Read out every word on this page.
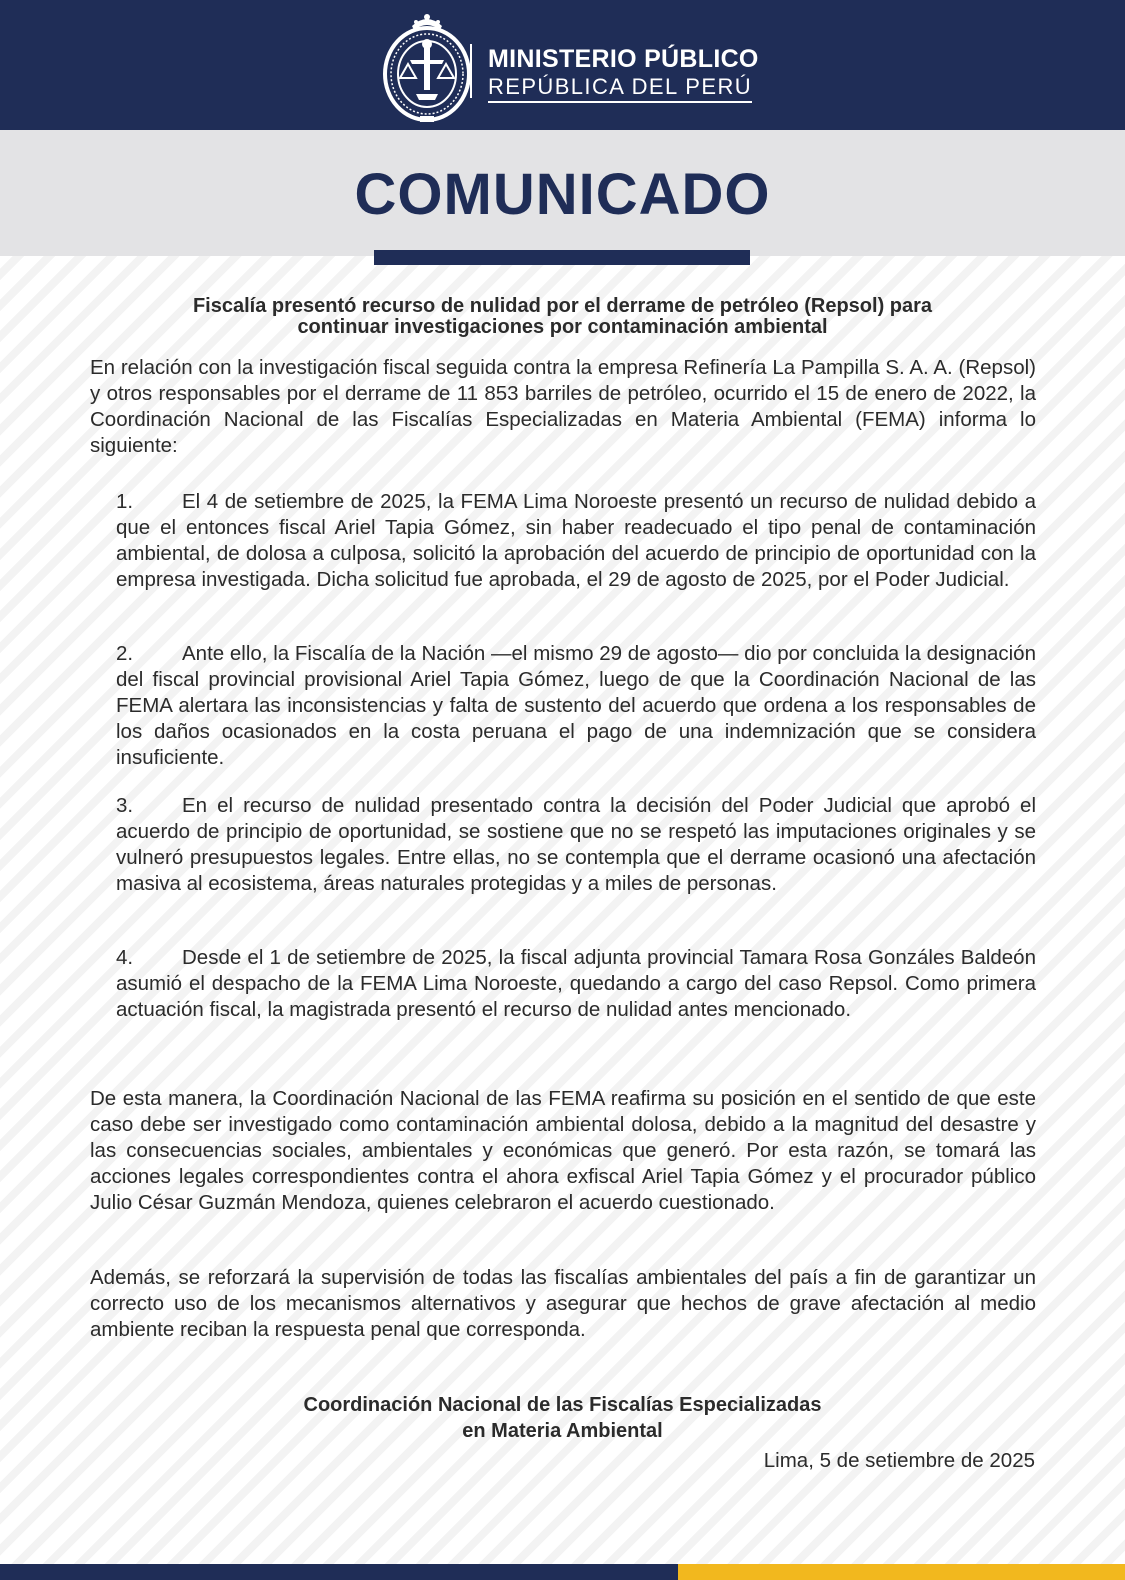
MINISTERIO PÚBLICO
REPÚBLICA DEL PERÚ
COMUNICADO
Fiscalía presentó recurso de nulidad por el derrame de petróleo (Repsol) para
continuar investigaciones por contaminación ambiental
En relación con la investigación fiscal seguida contra la empresa Refinería La Pampilla S. A. A. (Repsol) y otros responsables por el derrame de 11 853 barriles de petróleo, ocurrido el 15 de enero de 2022, la Coordinación Nacional de las Fiscalías Especializadas en Materia Ambiental (FEMA) informa lo siguiente:
1. El 4 de setiembre de 2025, la FEMA Lima Noroeste presentó un recurso de nulidad debido a que el entonces fiscal Ariel Tapia Gómez, sin haber readecuado el tipo penal de contaminación ambiental, de dolosa a culposa, solicitó la aprobación del acuerdo de principio de oportunidad con la empresa investigada. Dicha solicitud fue aprobada, el 29 de agosto de 2025, por el Poder Judicial.
2. Ante ello, la Fiscalía de la Nación —el mismo 29 de agosto— dio por concluida la designación del fiscal provincial provisional Ariel Tapia Gómez, luego de que la Coordinación Nacional de las FEMA alertara las inconsistencias y falta de sustento del acuerdo que ordena a los responsables de los daños ocasionados en la costa peruana el pago de una indemnización que se considera insuficiente.
3. En el recurso de nulidad presentado contra la decisión del Poder Judicial que aprobó el acuerdo de principio de oportunidad, se sostiene que no se respetó las imputaciones originales y se vulneró presupuestos legales. Entre ellas, no se contempla que el derrame ocasionó una afectación masiva al ecosistema, áreas naturales protegidas y a miles de personas.
4. Desde el 1 de setiembre de 2025, la fiscal adjunta provincial Tamara Rosa Gonzáles Baldeón asumió el despacho de la FEMA Lima Noroeste, quedando a cargo del caso Repsol. Como primera actuación fiscal, la magistrada presentó el recurso de nulidad antes mencionado.
De esta manera, la Coordinación Nacional de las FEMA reafirma su posición en el sentido de que este caso debe ser investigado como contaminación ambiental dolosa, debido a la magnitud del desastre y las consecuencias sociales, ambientales y económicas que generó. Por esta razón, se tomará las acciones legales correspondientes contra el ahora exfiscal Ariel Tapia Gómez y el procurador público Julio César Guzmán Mendoza, quienes celebraron el acuerdo cuestionado.
Además, se reforzará la supervisión de todas las fiscalías ambientales del país a fin de garantizar un correcto uso de los mecanismos alternativos y asegurar que hechos de grave afectación al medio ambiente reciban la respuesta penal que corresponda.
Coordinación Nacional de las Fiscalías Especializadas
en Materia Ambiental
Lima, 5 de setiembre de 2025
